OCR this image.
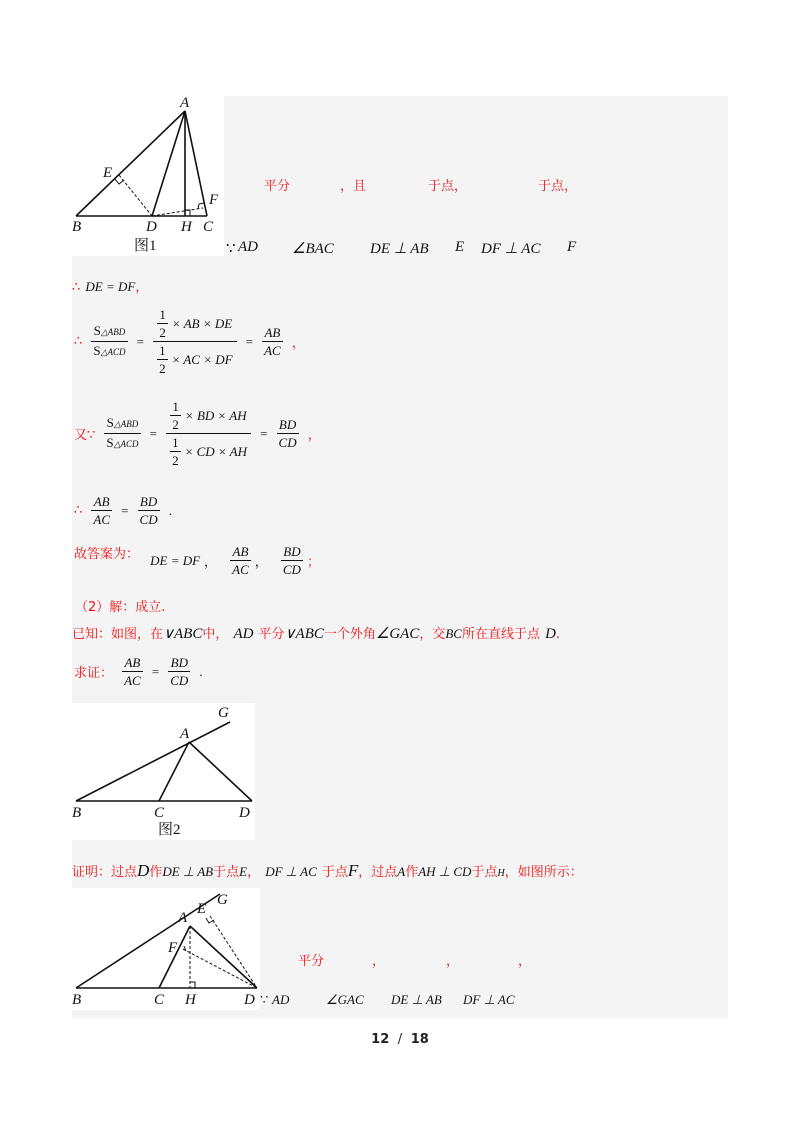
A
B	C
D
E
F
H
图1
平分	，且	于点，	于点，
∵ AD ∠BAC DE ⊥ AB E DF ⊥ AC F
∴ DE = DF，
∴ $\frac{\text{S△ABD}}{\text{S△ACD}} = \frac{\frac{1}{2} \times AB \times DE}{\frac{1}{2} \times AC \times DF} = \frac{AB}{AC}$ ，
又∵ $\frac{\text{S△ABD}}{\text{S△ACD}} = \frac{\frac{1}{2} \times BD \times AH}{\frac{1}{2} \times CD \times AH} = \frac{BD}{CD}$ ，
∴ $\frac{AB}{AC} = \frac{BD}{CD}$ .
故答案为： DE = DF ， $\frac{AB}{AC}$ ， $\frac{BD}{CD}$ ；
（2）解：成立.
已知：如图，在∨ABC中， AD 平分∨ABC一个外角∠GAC，交BC所在直线于点 D.
求证： $\frac{AB}{AC} = \frac{BD}{CD}$ .
A
B	C	D
G
图2
证明：过点D作DE ⊥ AB于点E， DF ⊥ AC 于点F，过点A作AH ⊥ CD于点H，如图所示：
A
B	C	D
E
F
G
H
平分	，	，	，
∵ AD	∠GAC DE ⊥ AB DF ⊥ AC
12 / 18
